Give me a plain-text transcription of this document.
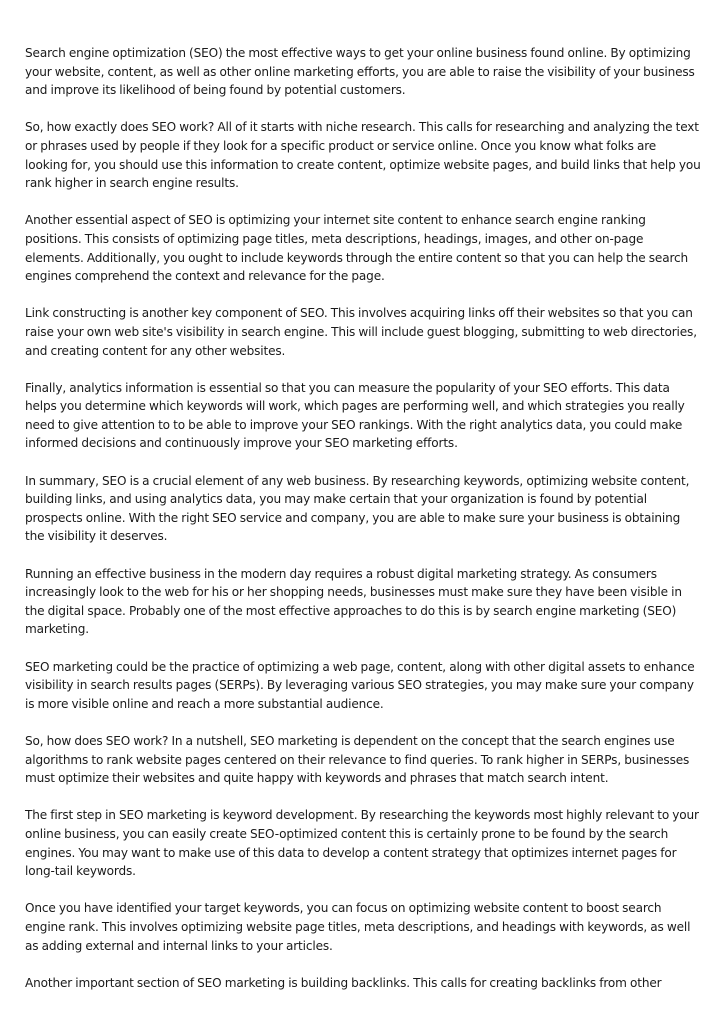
Search engine optimization (SEO) the most effective ways to get your online business found online. By optimizing your website, content, as well as other online marketing efforts, you are able to raise the visibility of your business and improve its likelihood of being found by potential customers.

So, how exactly does SEO work? All of it starts with niche research. This calls for researching and analyzing the text or phrases used by people if they look for a specific product or service online. Once you know what folks are looking for, you should use this information to create content, optimize website pages, and build links that help you rank higher in search engine results.

Another essential aspect of SEO is optimizing your internet site content to enhance search engine ranking positions. This consists of optimizing page titles, meta descriptions, headings, images, and other on-page elements. Additionally, you ought to include keywords through the entire content so that you can help the search engines comprehend the context and relevance for the page.

Link constructing is another key component of SEO. This involves acquiring links off their websites so that you can raise your own web site's visibility in search engine. This will include guest blogging, submitting to web directories, and creating content for any other websites.

Finally, analytics information is essential so that you can measure the popularity of your SEO efforts. This data helps you determine which keywords will work, which pages are performing well, and which strategies you really need to give attention to to be able to improve your SEO rankings. With the right analytics data, you could make informed decisions and continuously improve your SEO marketing efforts.

In summary, SEO is a crucial element of any web business. By researching keywords, optimizing website content, building links, and using analytics data, you may make certain that your organization is found by potential prospects online. With the right SEO service and company, you are able to make sure your business is obtaining the visibility it deserves.

Running an effective business in the modern day requires a robust digital marketing strategy. As consumers increasingly look to the web for his or her shopping needs, businesses must make sure they have been visible in the digital space. Probably one of the most effective approaches to do this is by search engine marketing (SEO) marketing.

SEO marketing could be the practice of optimizing a web page, content, along with other digital assets to enhance visibility in search results pages (SERPs). By leveraging various SEO strategies, you may make sure your company is more visible online and reach a more substantial audience.

So, how does SEO work? In a nutshell, SEO marketing is dependent on the concept that the search engines use algorithms to rank website pages centered on their relevance to find queries. To rank higher in SERPs, businesses must optimize their websites and quite happy with keywords and phrases that match search intent.

The first step in SEO marketing is keyword development. By researching the keywords most highly relevant to your online business, you can easily create SEO-optimized content this is certainly prone to be found by the search engines. You may want to make use of this data to develop a content strategy that optimizes internet pages for long-tail keywords.

Once you have identified your target keywords, you can focus on optimizing website content to boost search engine rank. This involves optimizing website page titles, meta descriptions, and headings with keywords, as well as adding external and internal links to your articles.

Another important section of SEO marketing is building backlinks. This calls for creating backlinks from other
